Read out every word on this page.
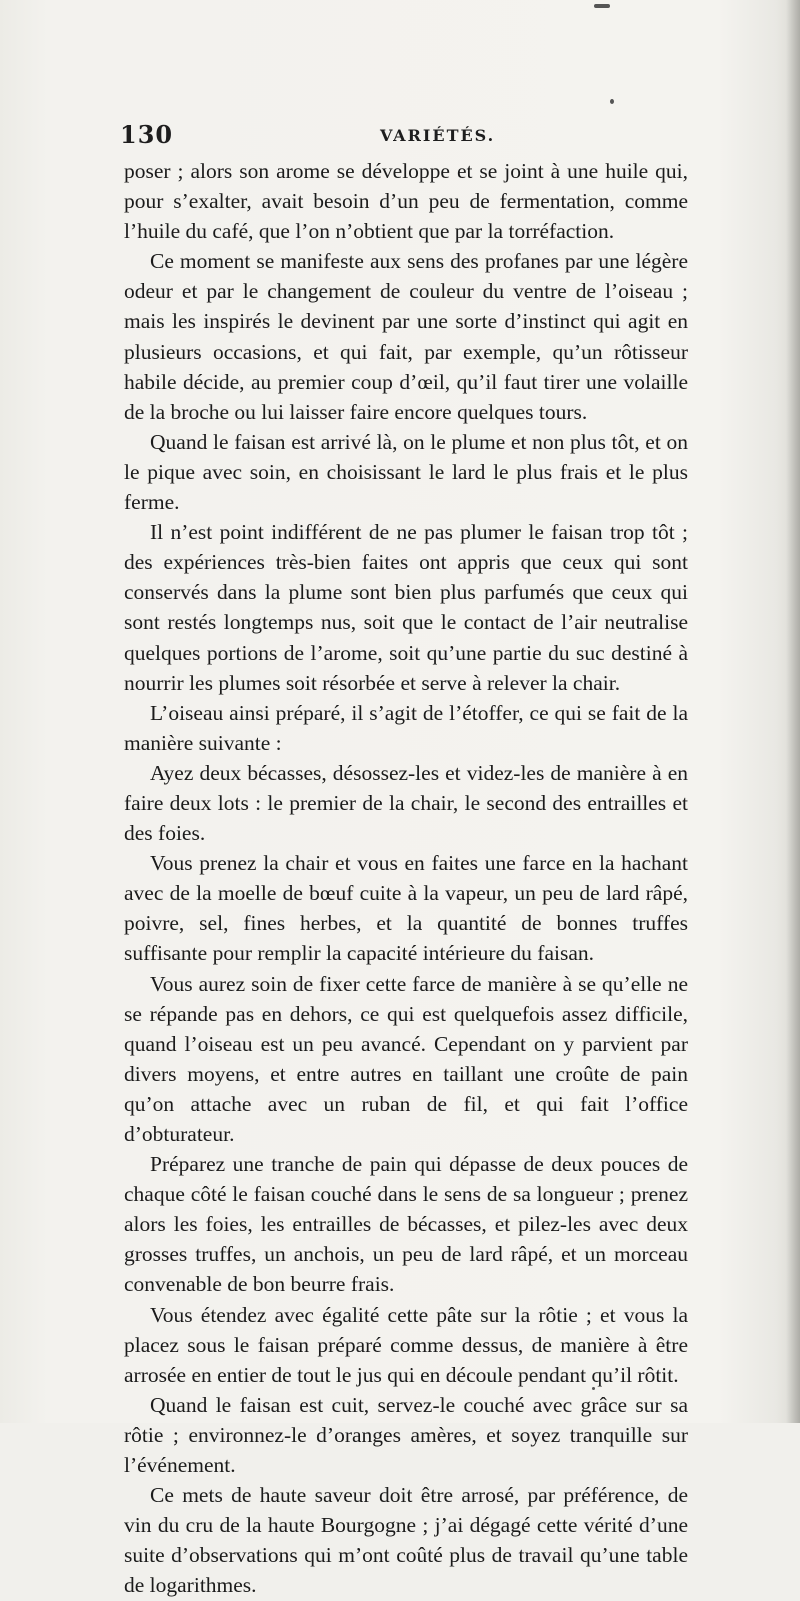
130	VARIÉTÉS.

poser ; alors son arome se développe et se joint à une huile qui, pour s’exalter, avait besoin d’un peu de fermentation, comme l’huile du café, que l’on n’obtient que par la torréfaction.

Ce moment se manifeste aux sens des profanes par une légère odeur et par le changement de couleur du ventre de l’oiseau ; mais les inspirés le devinent par une sorte d’instinct qui agit en plusieurs occasions, et qui fait, par exemple, qu’un rôtisseur habile décide, au premier coup d’œil, qu’il faut tirer une volaille de la broche ou lui laisser faire encore quelques tours.

Quand le faisan est arrivé là, on le plume et non plus tôt, et on le pique avec soin, en choisissant le lard le plus frais et le plus ferme.

Il n’est point indifférent de ne pas plumer le faisan trop tôt ; des expériences très-bien faites ont appris que ceux qui sont conservés dans la plume sont bien plus parfumés que ceux qui sont restés longtemps nus, soit que le contact de l’air neutralise quelques portions de l’arome, soit qu’une partie du suc destiné à nourrir les plumes soit résorbée et serve à relever la chair.

L’oiseau ainsi préparé, il s’agit de l’étoffer, ce qui se fait de la manière suivante :

Ayez deux bécasses, désossez-les et videz-les de manière à en faire deux lots : le premier de la chair, le second des entrailles et des foies.

Vous prenez la chair et vous en faites une farce en la hachant avec de la moelle de bœuf cuite à la vapeur, un peu de lard râpé, poivre, sel, fines herbes, et la quantité de bonnes truffes suffisante pour remplir la capacité intérieure du faisan.

Vous aurez soin de fixer cette farce de manière à se qu’elle ne se répande pas en dehors, ce qui est quelquefois assez difficile, quand l’oiseau est un peu avancé. Cependant on y parvient par divers moyens, et entre autres en taillant une croûte de pain qu’on attache avec un ruban de fil, et qui fait l’office d’obturateur.

Préparez une tranche de pain qui dépasse de deux pouces de chaque côté le faisan couché dans le sens de sa longueur ; prenez alors les foies, les entrailles de bécasses, et pilez-les avec deux grosses truffes, un anchois, un peu de lard râpé, et un morceau convenable de bon beurre frais.

Vous étendez avec égalité cette pâte sur la rôtie ; et vous la placez sous le faisan préparé comme dessus, de manière à être arrosée en entier de tout le jus qui en découle pendant qu’il rôtit.

Quand le faisan est cuit, servez-le couché avec grâce sur sa rôtie ; environnez-le d’oranges amères, et soyez tranquille sur l’événement.

Ce mets de haute saveur doit être arrosé, par préférence, de vin du cru de la haute Bourgogne ; j’ai dégagé cette vérité d’une suite d’observations qui m’ont coûté plus de travail qu’une table de logarithmes.
